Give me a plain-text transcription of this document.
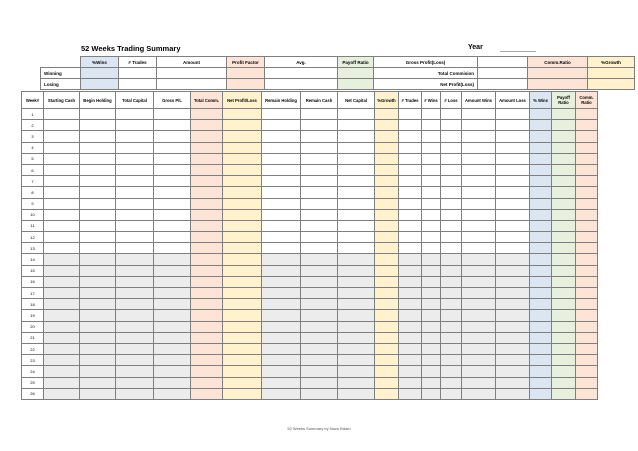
52 Weeks Trading Summary	Year
	%Wins	# Trades	Amount	Profit Factor	Avg.	Payoff Ratio	Gross Profit(Loss)		Comm.Ratio	%Growth
Winning							Total Commision			
Losing							Net Profit(Loss)			
Week#	Starting Cash	Begin Holding	Total Capital	Gross P/L	Total Comm.	Net Profit/Loss	Remain Holding	Remain Cash	Net Capital	%Growth	# Trades	# Wins	# Loss	Amount Wins	Amount Loss	% Wins	Payoff Ratio	Comm. Ratio
1																		
2																		
3																		
4																		
5																		
6																		
7																		
8																		
9																		
10																		
11																		
12																		
13																		
14																		
15																		
16																		
17																		
18																		
19																		
20																		
21																		
22																		
23																		
24																		
25																		
26																		
52 Weeks Summary by Nazo Bdam
